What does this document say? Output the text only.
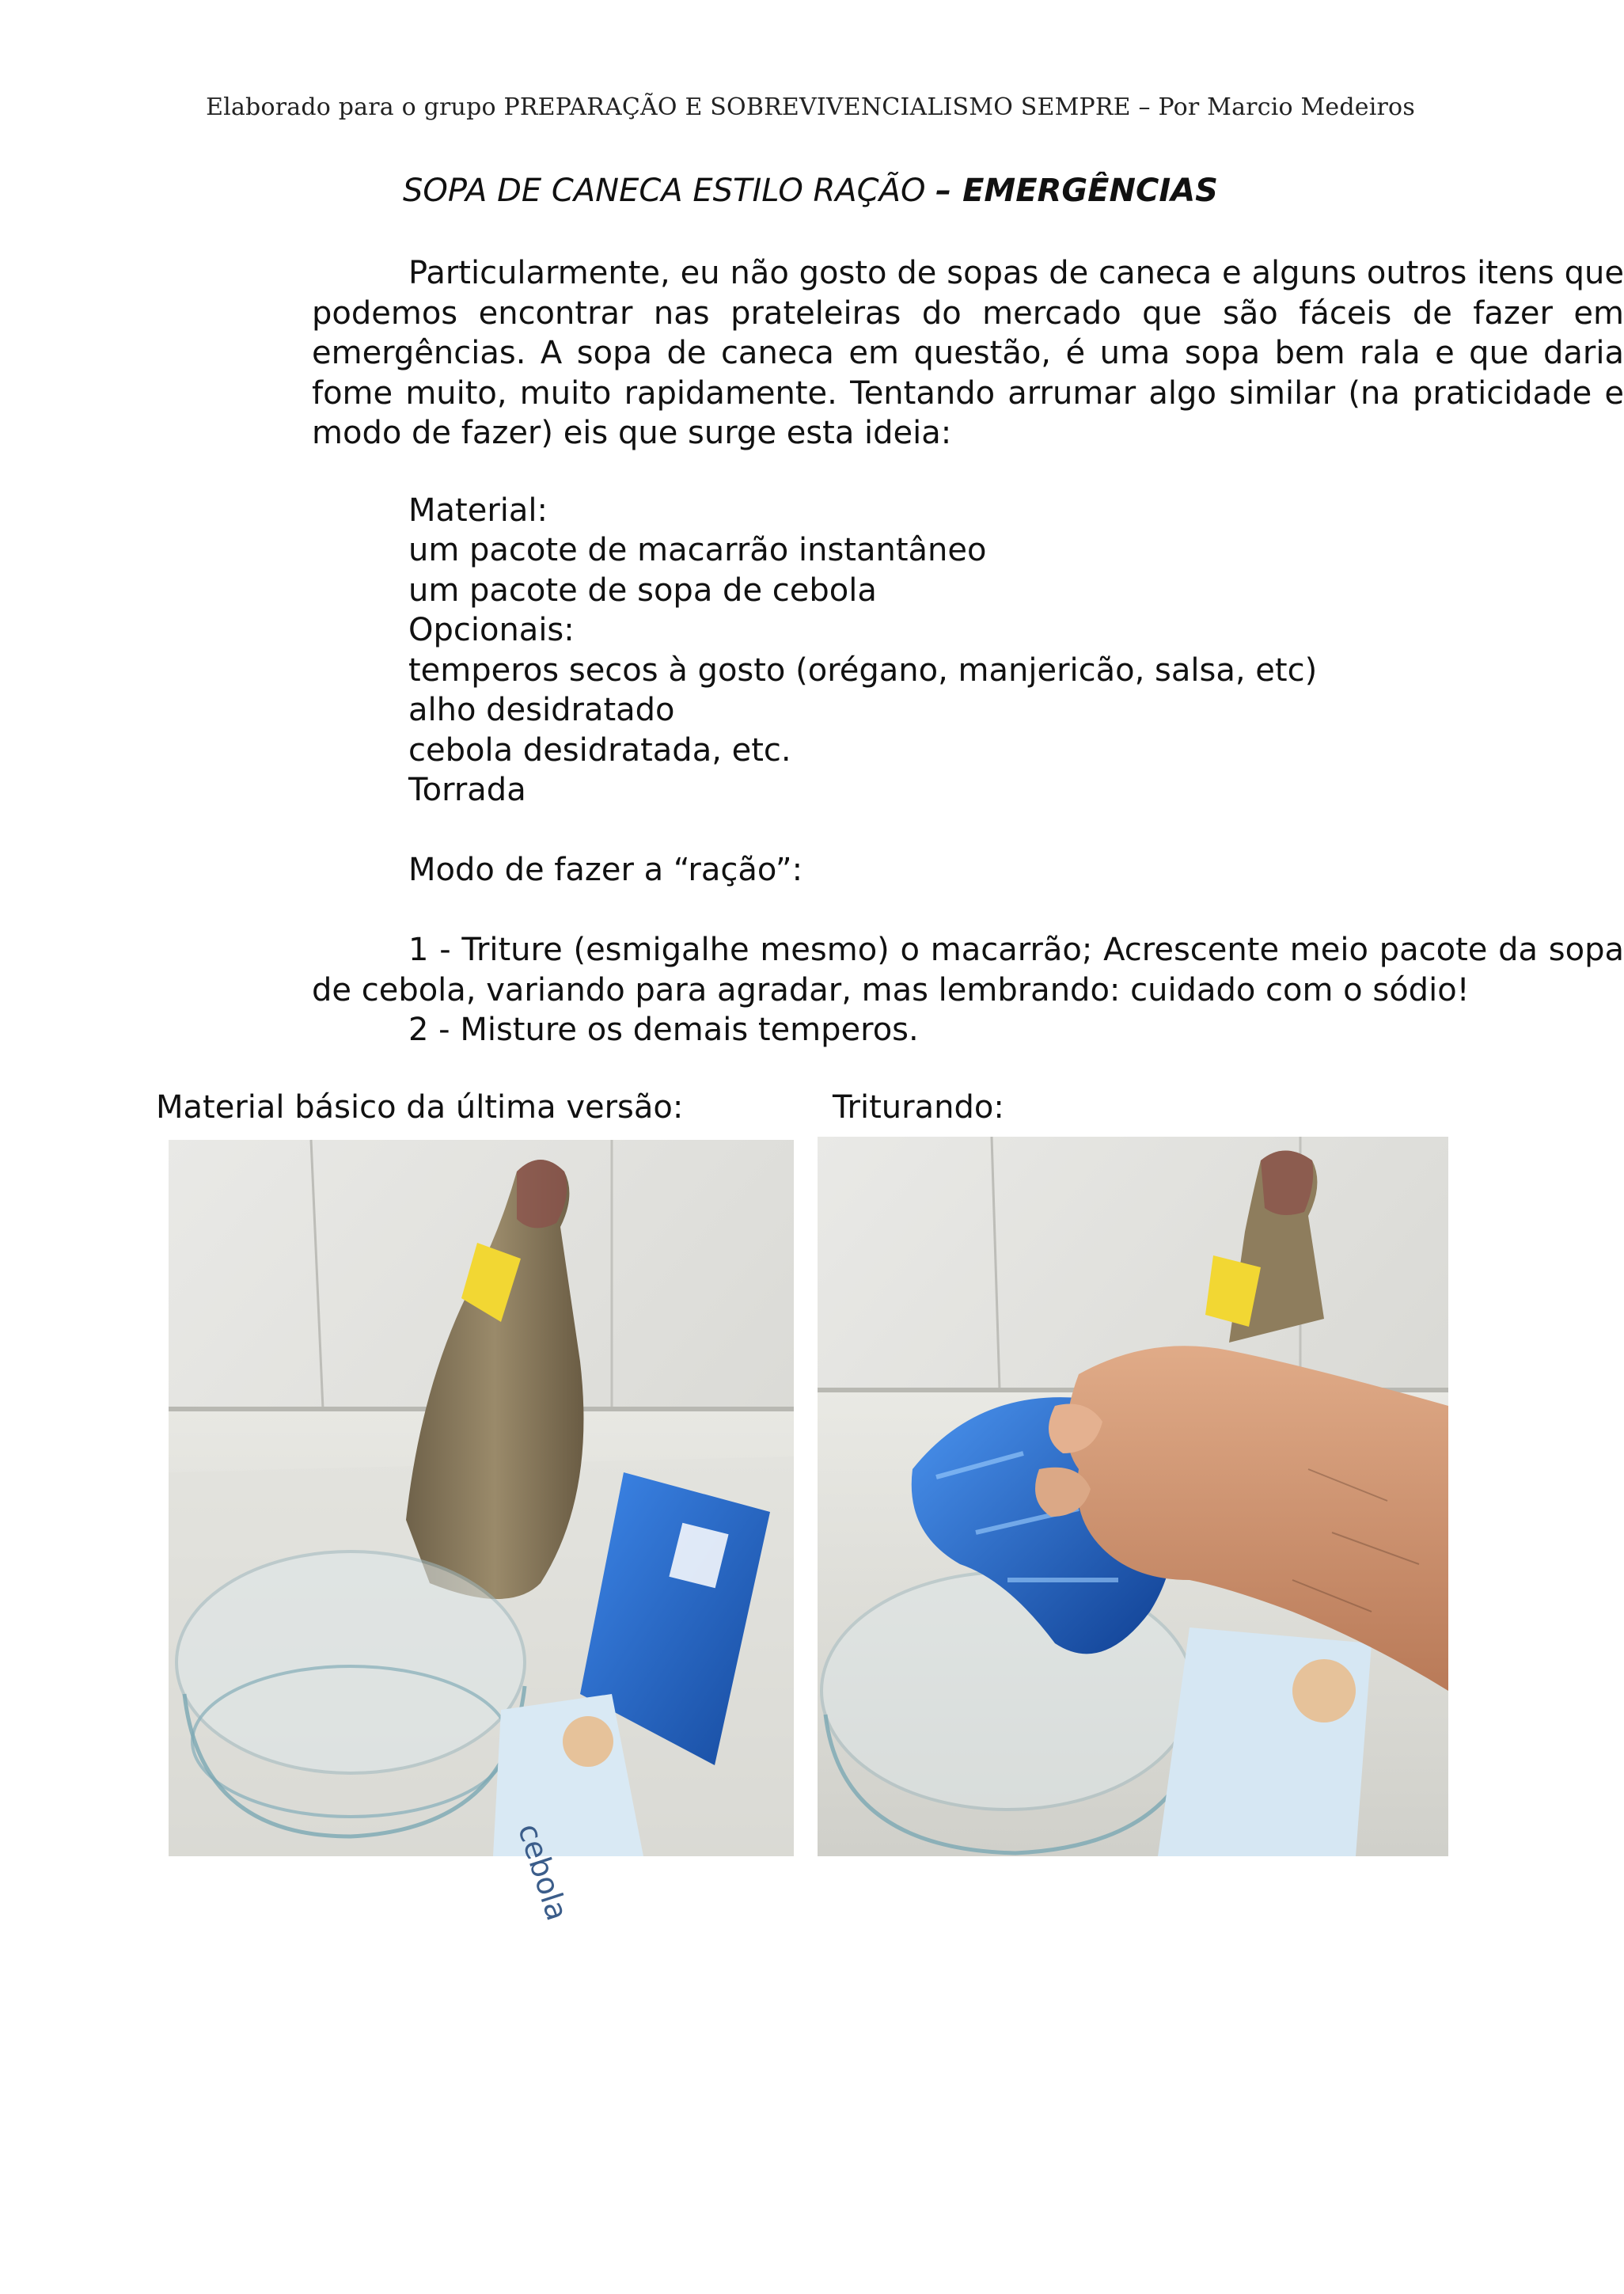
Elaborado para o grupo PREPARAÇÃO E SOBREVIVENCIALISMO SEMPRE – Por Marcio Medeiros
SOPA DE CANECA ESTILO RAÇÃO – EMERGÊNCIAS

Particularmente, eu não gosto de sopas de caneca e alguns outros itens que podemos encontrar nas prateleiras do mercado que são fáceis de fazer em emergências. A sopa de caneca em questão, é uma sopa bem rala e que daria fome muito, muito rapidamente. Tentando arrumar algo similar (na praticidade e modo de fazer) eis que surge esta ideia:

Material:
um pacote de macarrão instantâneo
um pacote de sopa de cebola
Opcionais:
temperos secos à gosto (orégano, manjericão, salsa, etc)
alho desidratado
cebola desidratada, etc.
Torrada
Modo de fazer a “ração”:

1 - Triture (esmigalhe mesmo) o macarrão; Acrescente meio pacote da sopa de cebola, variando para agradar, mas lembrando: cuidado com o sódio!

2 - Misture os demais temperos.
Material básico da última versão:	Triturando:
cebola
